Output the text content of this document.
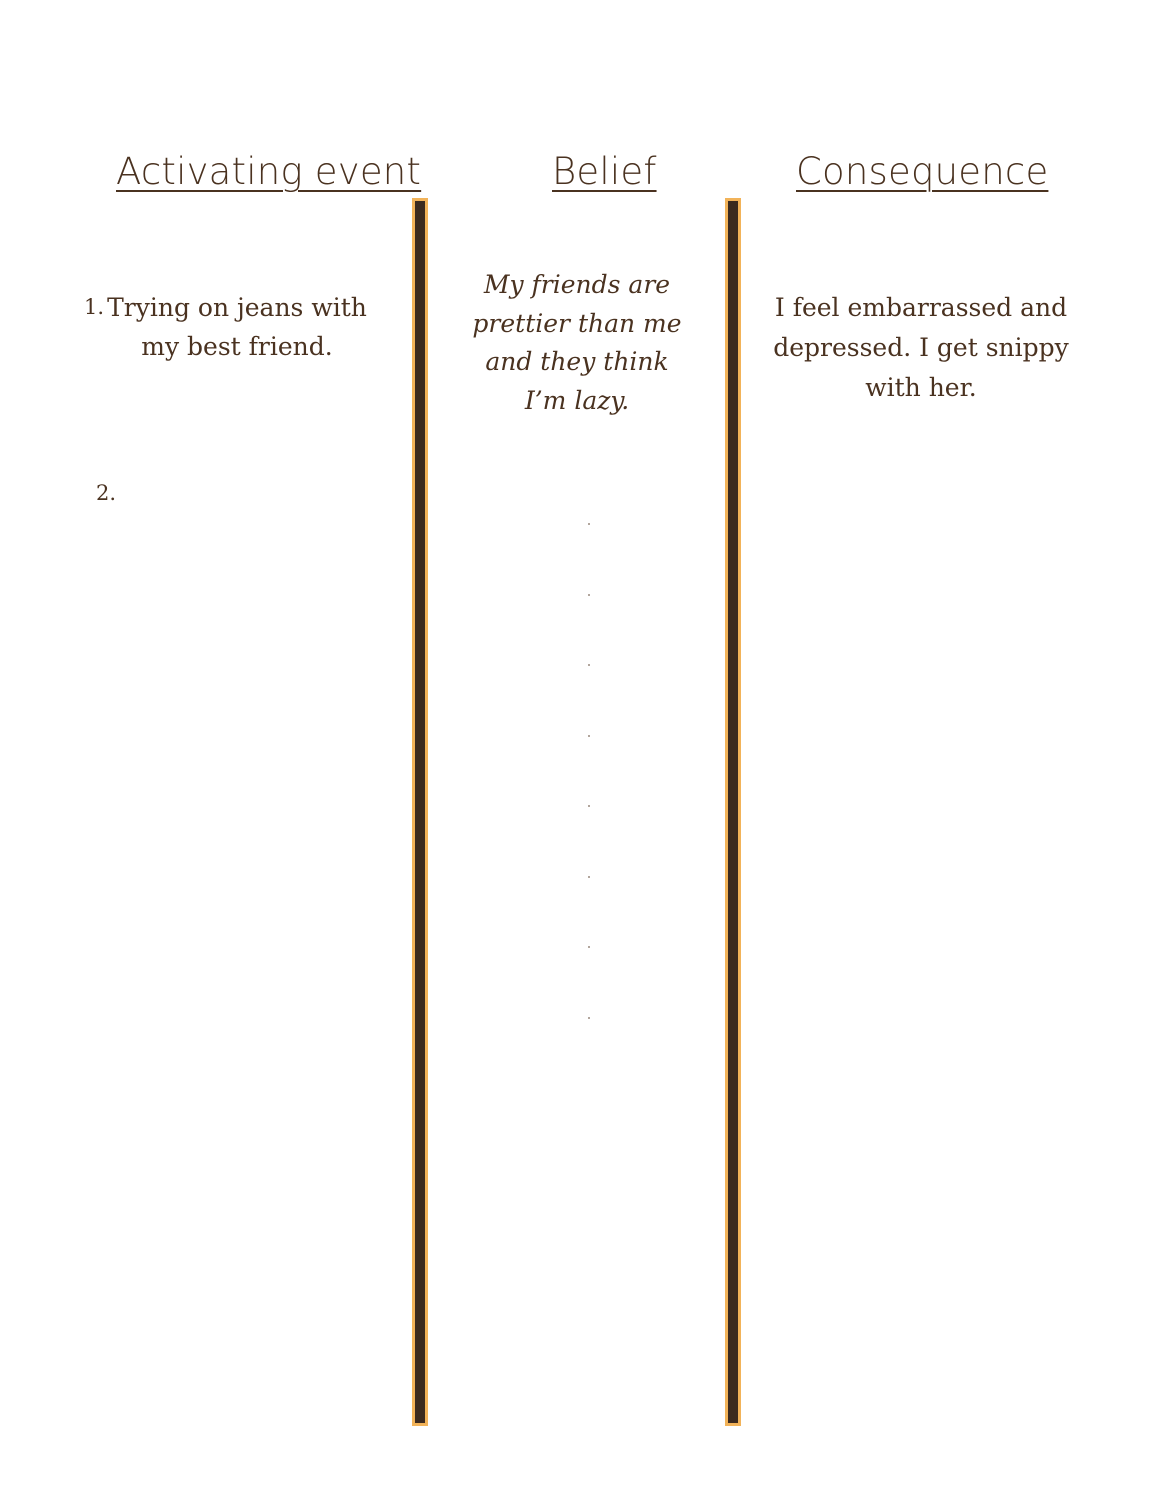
Activating event	Belief	Consequence
1. Trying on jeans with my best friend.
2.
My friends are prettier than me and they think I’m lazy.
I feel embarrassed and depressed. I get snippy with her.
